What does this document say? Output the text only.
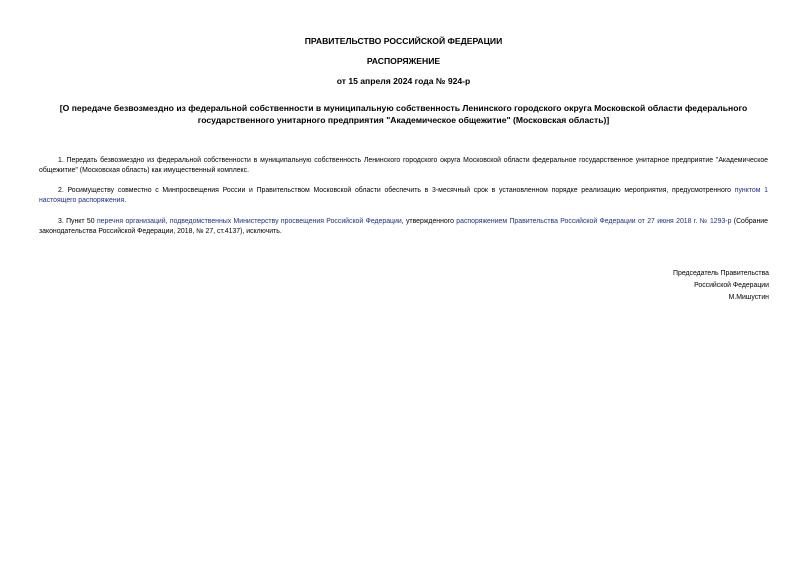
ПРАВИТЕЛЬСТВО РОССИЙСКОЙ ФЕДЕРАЦИИ
РАСПОРЯЖЕНИЕ
от 15 апреля 2024 года № 924-р
[О передаче безвозмездно из федеральной собственности в муниципальную собственность Ленинского городского округа Московской области федерального государственного унитарного предприятия "Академическое общежитие" (Московская область)]

1. Передать безвозмездно из федеральной собственности в муниципальную собственность Ленинского городского округа Московской области федеральное государственное унитарное предприятие "Академическое общежитие" (Московская область) как имущественный комплекс.

2. Росимуществу совместно с Минпросвещения России и Правительством Московской области обеспечить в 3-месячный срок в установленном порядке реализацию мероприятия, предусмотренного пунктом 1 настоящего распоряжения.

3. Пункт 50 перечня организаций, подведомственных Министерству просвещения Российской Федерации, утвержденного распоряжением Правительства Российской Федерации от 27 июня 2018 г. № 1293-р (Собрание законодательства Российской Федерации, 2018, № 27, ст.4137), исключить.

Председатель Правительства
Российской Федерации
М.Мишустин
